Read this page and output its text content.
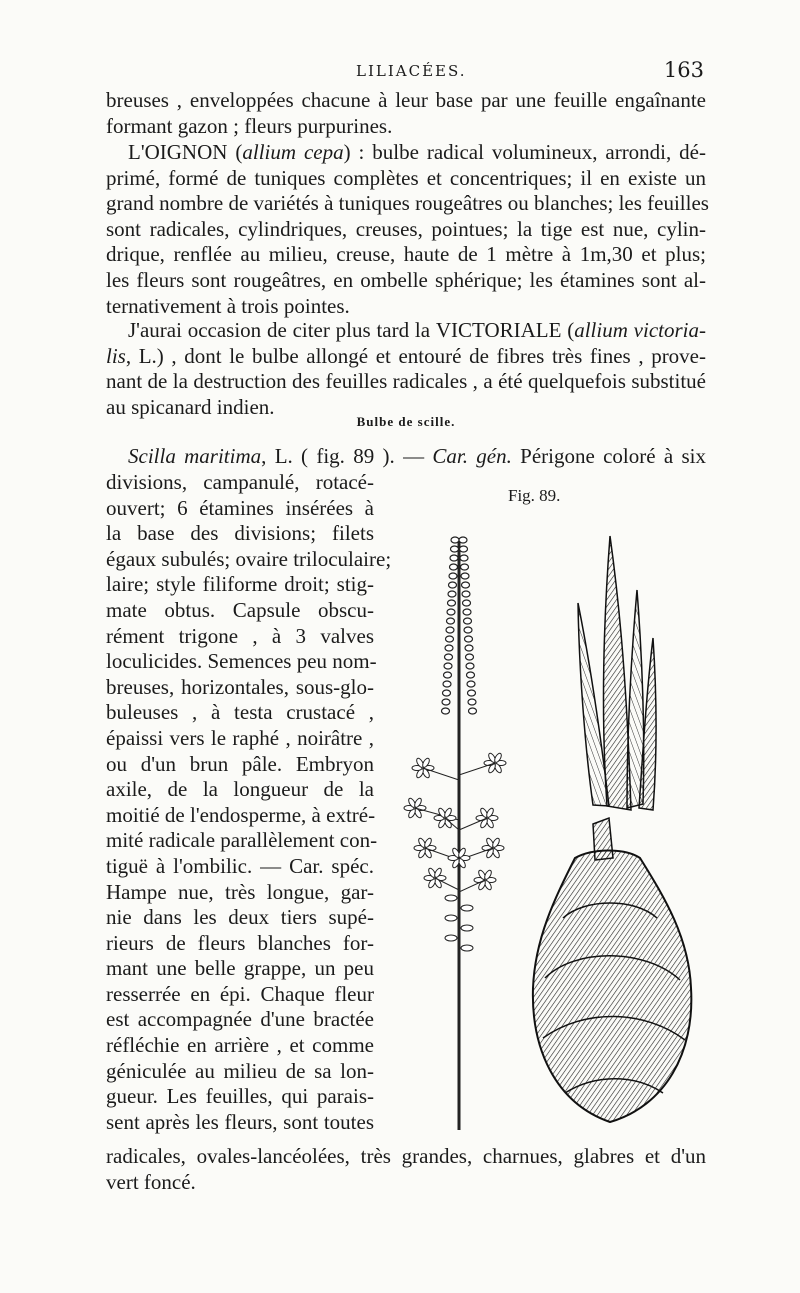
LILIACÉES.	163
breuses , enveloppées chacune à leur base par une feuille engaînante
formant gazon ; fleurs purpurines.
L'OIGNON (allium cepa) : bulbe radical volumineux, arrondi, dé-
primé, formé de tuniques complètes et concentriques; il en existe un
grand nombre de variétés à tuniques rougeâtres ou blanches; les feuilles
sont radicales, cylindriques, creuses, pointues; la tige est nue, cylin-
drique, renflée au milieu, creuse, haute de 1 mètre à 1m,30 et plus;
les fleurs sont rougeâtres, en ombelle sphérique; les étamines sont al-
ternativement à trois pointes.
J'aurai occasion de citer plus tard la VICTORIALE (allium victoria-
lis, L.) , dont le bulbe allongé et entouré de fibres très fines , prove-
nant de la destruction des feuilles radicales , a été quelquefois substitué
au spicanard indien.
Bulbe de scille.
Scilla maritima, L. ( fig. 89 ). — Car. gén. Périgone coloré à six
Fig. 89.
divisions, campanulé, rotacé-
ouvert; 6 étamines insérées à
la base des divisions; filets
égaux subulés; ovaire triloculaire;
laire; style filiforme droit; stig-
mate obtus. Capsule obscu-
rément trigone , à 3 valves
loculicides. Semences peu nom-
breuses, horizontales, sous-glo-
buleuses , à testa crustacé ,
épaissi vers le raphé , noirâtre ,
ou d'un brun pâle. Embryon
axile, de la longueur de la
moitié de l'endosperme, à extré-
mité radicale parallèlement con-
tiguë à l'ombilic. — Car. spéc.
Hampe nue, très longue, gar-
nie dans les deux tiers supé-
rieurs de fleurs blanches for-
mant une belle grappe, un peu
resserrée en épi. Chaque fleur
est accompagnée d'une bractée
réfléchie en arrière , et comme
géniculée au milieu de sa lon-
gueur. Les feuilles, qui parais-
sent après les fleurs, sont toutes
radicales, ovales-lancéolées, très grandes, charnues, glabres et d'un
vert foncé.
